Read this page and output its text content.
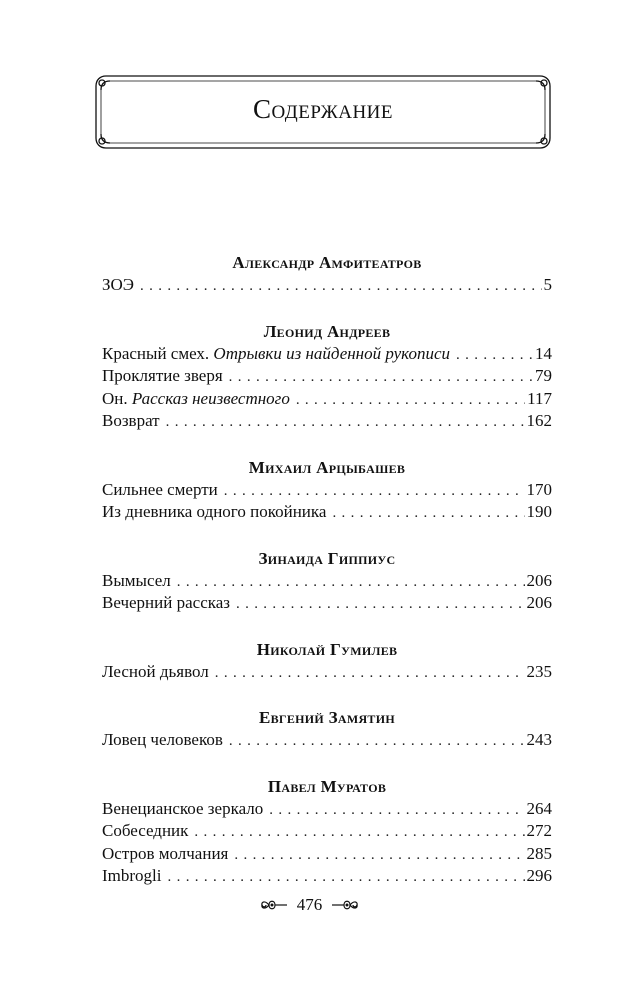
Содержание
Александр Амфитеатров
ЗОЭ . . .	5
Леонид Андреев
Красный смех. Отрывки из найденной рукописи . . .	14
Проклятие зверя . . .	79
Он. Рассказ неизвестного . . .	117
Возврат . . .	162
Михаил Арцыбашев
Сильнее смерти . . .	170
Из дневника одного покойника . . .	190
Зинаида Гиппиус
Вымысел . . .	206
Вечерний рассказ . . .	206
Николай Гумилев
Лесной дьявол . . .	235
Евгений Замятин
Ловец человеков . . .	243
Павел Муратов
Венецианское зеркало . . .	264
Собеседник . . .	272
Остров молчания . . .	285
Imbrogli . . .	296
476
